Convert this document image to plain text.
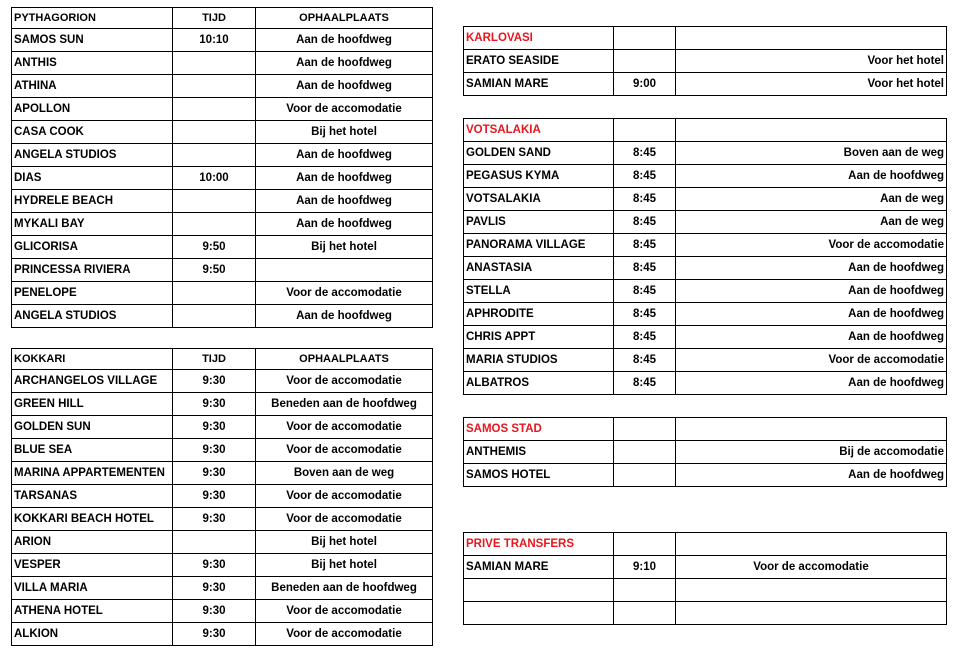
PYTHAGORION	TIJD	OPHAALPLAATS
SAMOS SUN	10:10	Aan de hoofdweg
ANTHIS		Aan de hoofdweg
ATHINA		Aan de hoofdweg
APOLLON		Voor de accomodatie
CASA COOK		Bij het hotel
ANGELA STUDIOS		Aan de hoofdweg
DIAS	10:00	Aan de hoofdweg
HYDRELE BEACH		Aan de hoofdweg
MYKALI BAY		Aan de hoofdweg
GLICORISA	9:50	Bij het hotel
PRINCESSA RIVIERA	9:50	
PENELOPE		Voor de accomodatie
ANGELA STUDIOS		Aan de hoofdweg
KOKKARI	TIJD	OPHAALPLAATS
ARCHANGELOS VILLAGE	9:30	Voor de accomodatie
GREEN HILL	9:30	Beneden aan de hoofdweg
GOLDEN SUN	9:30	Voor de accomodatie
BLUE SEA	9:30	Voor de accomodatie
MARINA APPARTEMENTEN	9:30	Boven aan de weg
TARSANAS	9:30	Voor de accomodatie
KOKKARI BEACH HOTEL	9:30	Voor de accomodatie
ARION		Bij het hotel
VESPER	9:30	Bij het hotel
VILLA MARIA	9:30	Beneden aan de hoofdweg
ATHENA HOTEL	9:30	Voor de accomodatie
ALKION	9:30	Voor de accomodatie
KARLOVASI		
ERATO SEASIDE		Voor het hotel
SAMIAN MARE	9:00	Voor het hotel
VOTSALAKIA		
GOLDEN SAND	8:45	Boven aan de weg
PEGASUS KYMA	8:45	Aan de hoofdweg
VOTSALAKIA	8:45	Aan de weg
PAVLIS	8:45	Aan de weg
PANORAMA VILLAGE	8:45	Voor de accomodatie
ANASTASIA	8:45	Aan de hoofdweg
STELLA	8:45	Aan de hoofdweg
APHRODITE	8:45	Aan de hoofdweg
CHRIS APPT	8:45	Aan de hoofdweg
MARIA STUDIOS	8:45	Voor de accomodatie
ALBATROS	8:45	Aan de hoofdweg
SAMOS STAD		
ANTHEMIS		Bij de accomodatie
SAMOS HOTEL		Aan de hoofdweg
PRIVE TRANSFERS		
SAMIAN MARE	9:10	Voor de accomodatie
